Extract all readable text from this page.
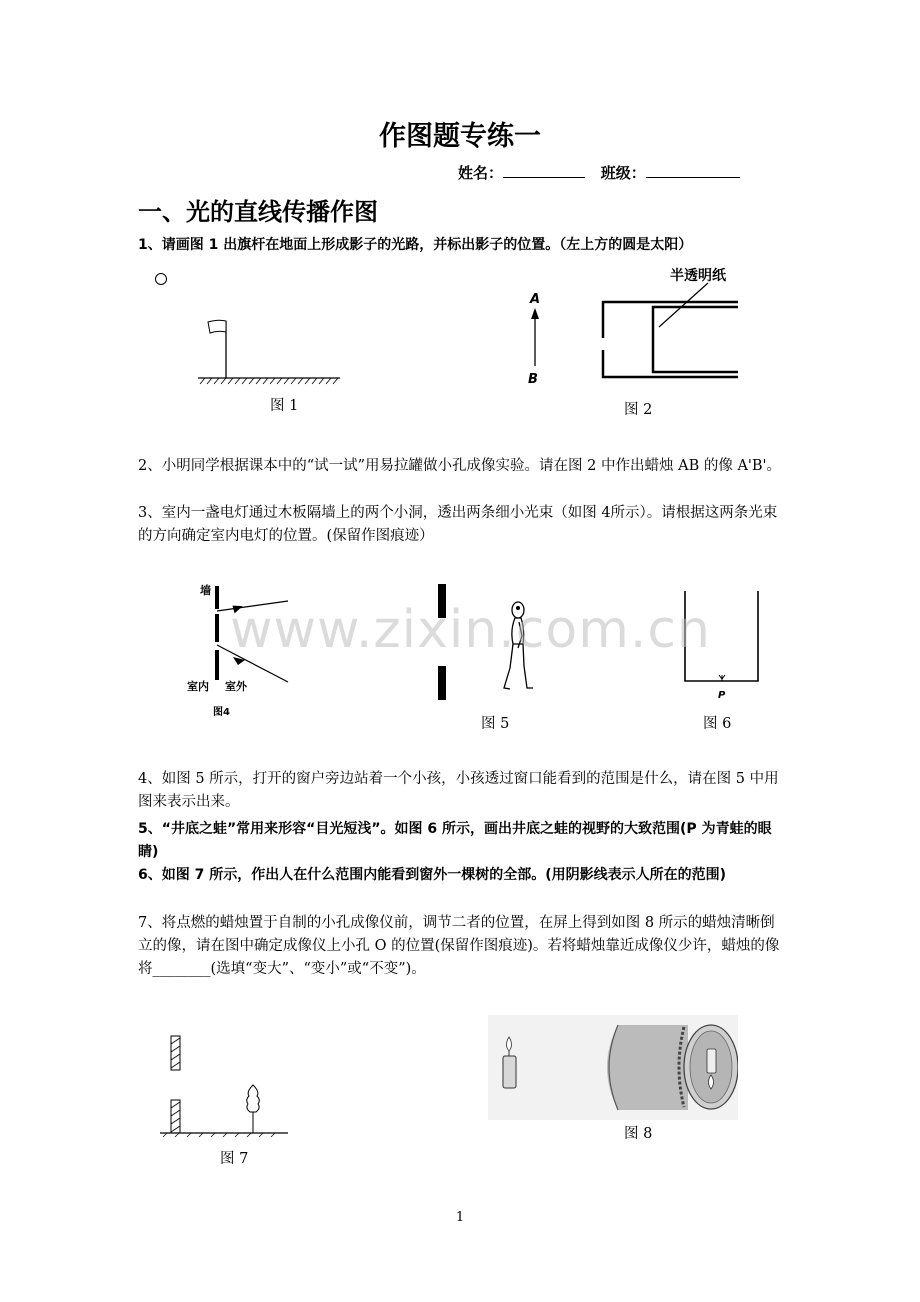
作图题专练一
姓名：	班级：
一、光的直线传播作图
1、请画图 1 出旗杆在地面上形成影子的光路，并标出影子的位置。（左上方的圆是太阳）
图 1
A
B
半透明纸
图 2
2、小明同学根据课本中的“试一试”用易拉罐做小孔成像实验。请在图 2 中作出蜡烛 AB 的像 A'B'。
3、室内一盏电灯通过木板隔墙上的两个小洞，透出两条细小光束（如图 4所示）。请根据这两条光束的方向确定室内电灯的位置。(保留作图痕迹）
墙
室内 室外
图4
图 5
P
图 6
www.zixin.com.cn
4、如图 5 所示，打开的窗户旁边站着一个小孩，小孩透过窗口能看到的范围是什么，请在图 5 中用图来表示出来。
5、“井底之蛙”常用来形容“目光短浅”。如图 6 所示，画出井底之蛙的视野的大致范围(P 为青蛙的眼睛)
6、如图 7 所示，作出人在什么范围内能看到窗外一棵树的全部。(用阴影线表示人所在的范围)
7、将点燃的蜡烛置于自制的小孔成像仪前，调节二者的位置，在屏上得到如图 8 所示的蜡烛清晰倒立的像，请在图中确定成像仪上小孔 O 的位置(保留作图痕迹)。若将蜡烛靠近成像仪少许，蜡烛的像将________(选填“变大”、“变小”或“不变”)。
图 7
图 8
1
